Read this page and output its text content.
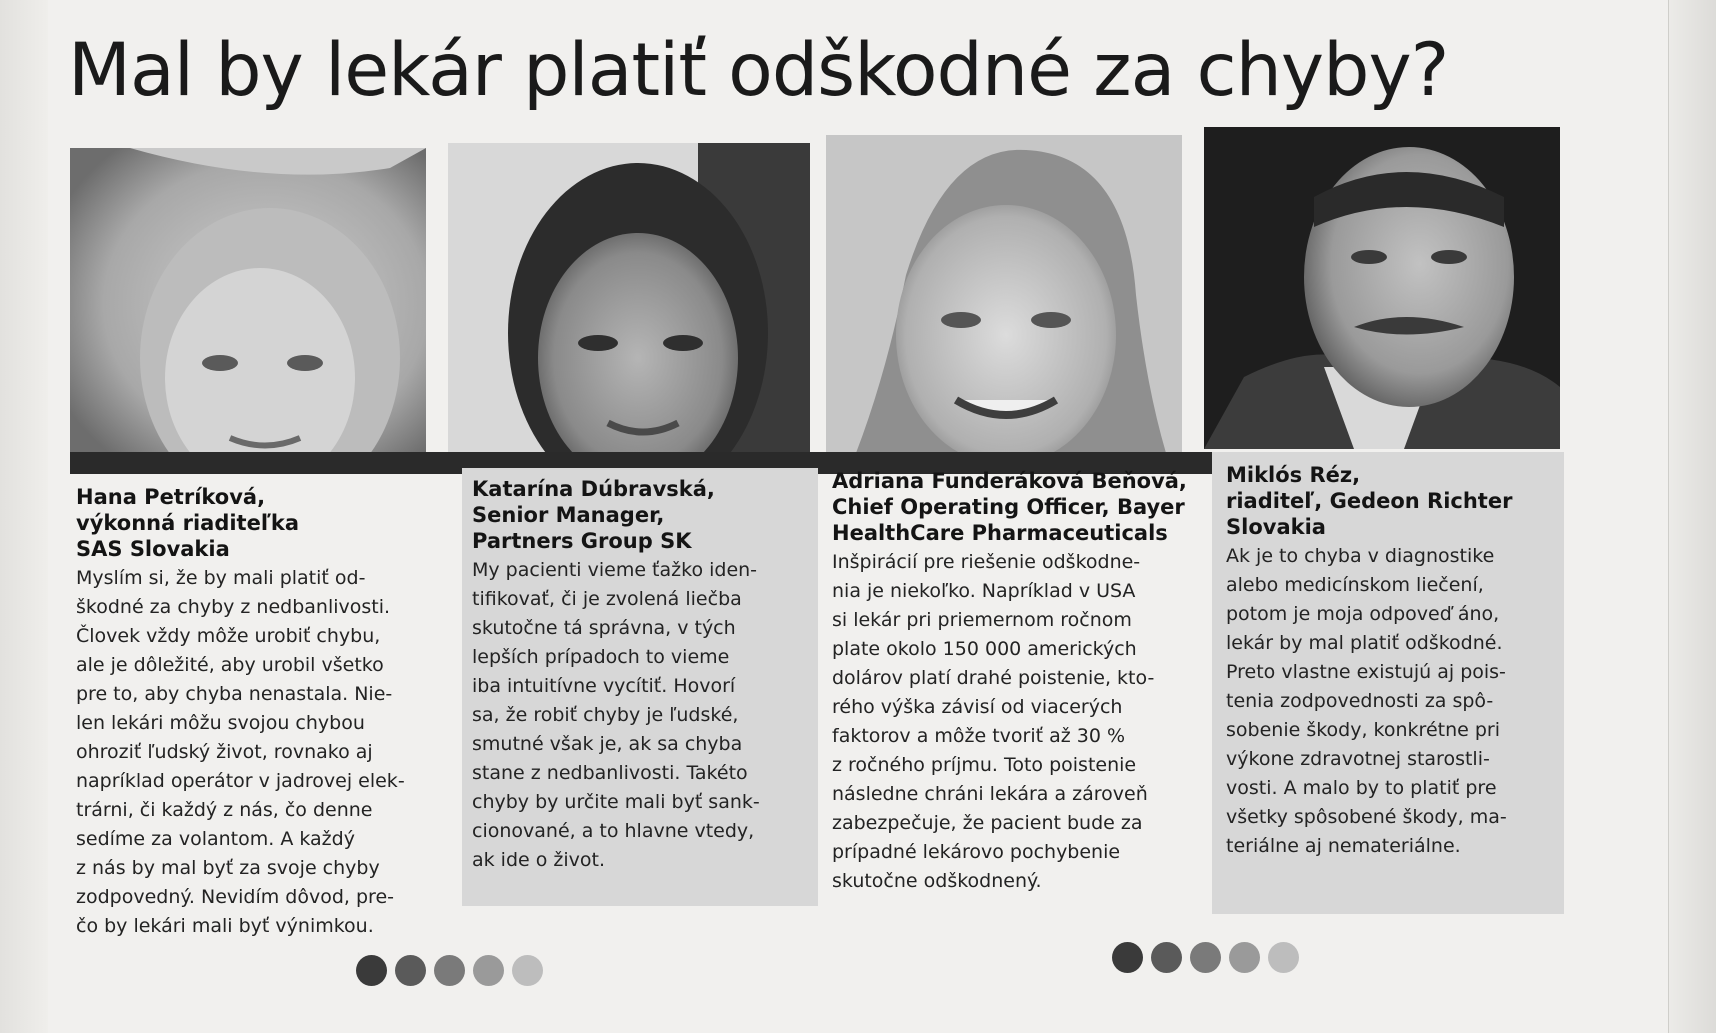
Mal by lekár platiť odškodné za chyby?

Hana Petríková,

výkonná riaditeľka

SAS Slovakia

Myslím si, že by mali platiť od-

škodné za chyby z nedbanlivosti.

Človek vždy môže urobiť chybu,

ale je dôležité, aby urobil všetko

pre to, aby chyba nenastala. Nie-

len lekári môžu svojou chybou

ohroziť ľudský život, rovnako aj

napríklad operátor v jadrovej elek-

trárni, či každý z nás, čo denne

sedíme za volantom. A každý

z nás by mal byť za svoje chyby

zodpovedný. Nevidím dôvod, pre-

čo by lekári mali byť výnimkou.

Katarína Dúbravská,

Senior Manager,

Partners Group SK

My pacienti vieme ťažko iden-

tifikovať, či je zvolená liečba

skutočne tá správna, v tých

lepších prípadoch to vieme

iba intuitívne vycítiť. Hovorí

sa, že robiť chyby je ľudské,

smutné však je, ak sa chyba

stane z nedbanlivosti. Takéto

chyby by určite mali byť sank-

cionované, a to hlavne vtedy,

ak ide o život.

Adriana Funderáková Beňová,

Chief Operating Officer, Bayer

HealthCare Pharmaceuticals

Inšpirácií pre riešenie odškodne-

nia je niekoľko. Napríklad v USA

si lekár pri priemernom ročnom

plate okolo 150 000 amerických

dolárov platí drahé poistenie, kto-

rého výška závisí od viacerých

faktorov a môže tvoriť až 30 %

z ročného príjmu. Toto poistenie

následne chráni lekára a zároveň

zabezpečuje, že pacient bude za

prípadné lekárovo pochybenie

skutočne odškodnený.

Miklós Réz,

riaditeľ, Gedeon Richter

Slovakia

Ak je to chyba v diagnostike

alebo medicínskom liečení,

potom je moja odpoveď áno,

lekár by mal platiť odškodné.

Preto vlastne existujú aj pois-

tenia zodpovednosti za spô-

sobenie škody, konkrétne pri

výkone zdravotnej starostli-

vosti. A malo by to platiť pre

všetky spôsobené škody, ma-

teriálne aj nemateriálne.
